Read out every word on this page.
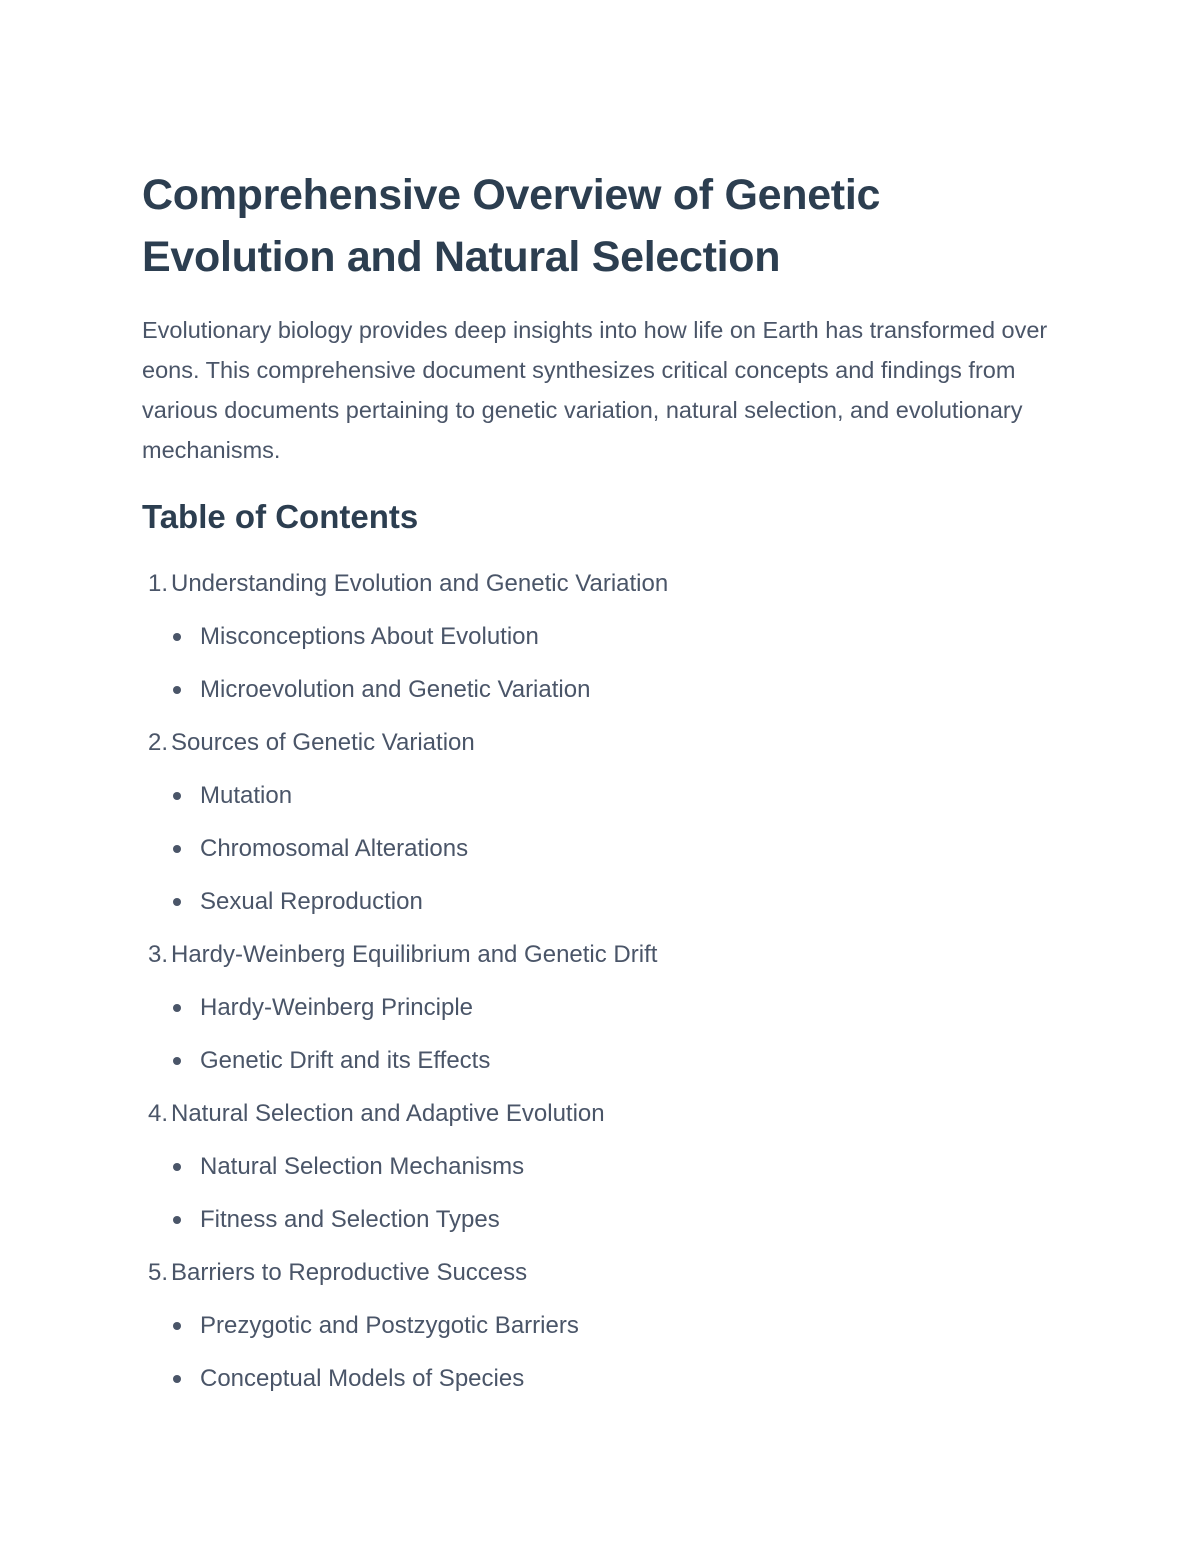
Comprehensive Overview of Genetic Evolution and Natural Selection

Evolutionary biology provides deep insights into how life on Earth has transformed over eons. This comprehensive document synthesizes critical concepts and findings from various documents pertaining to genetic variation, natural selection, and evolutionary mechanisms.

Table of Contents
1. Understanding Evolution and Genetic Variation
Misconceptions About Evolution
Microevolution and Genetic Variation
2. Sources of Genetic Variation
Mutation
Chromosomal Alterations
Sexual Reproduction
3. Hardy-Weinberg Equilibrium and Genetic Drift
Hardy-Weinberg Principle
Genetic Drift and its Effects
4. Natural Selection and Adaptive Evolution
Natural Selection Mechanisms
Fitness and Selection Types
5. Barriers to Reproductive Success
Prezygotic and Postzygotic Barriers
Conceptual Models of Species
